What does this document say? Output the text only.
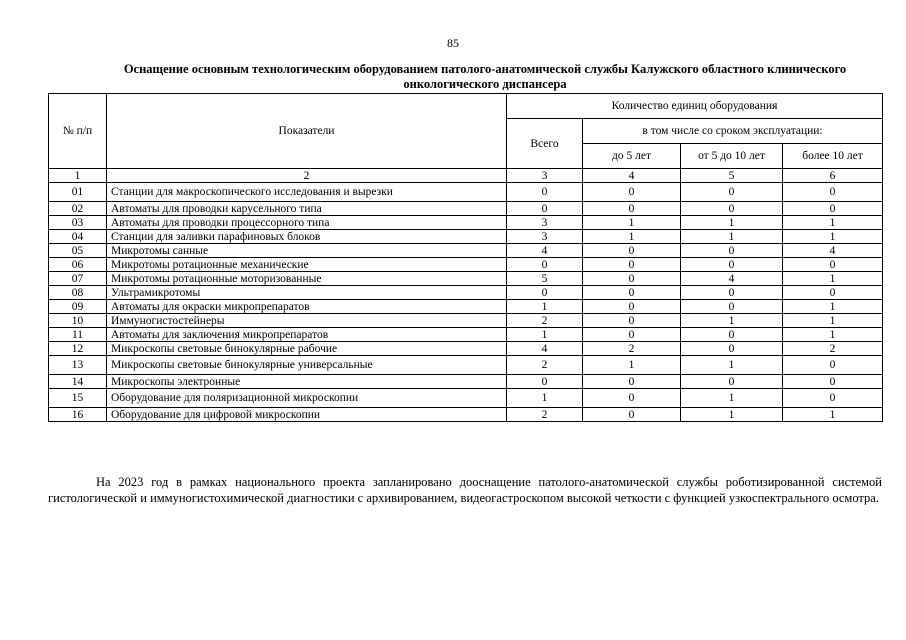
85
Оснащение основным технологическим оборудованием патолого-анатомической службы Калужского областного клинического онкологического диспансера
№ п/п	Показатели	Количество единиц оборудования			
		Всего	в том числе со сроком эксплуатации:		
			до 5 лет	от 5 до 10 лет	более 10 лет
1	2	3	4	5	6
01	Станции для макроскопического исследования и вырезки	0	0	0	0
02	Автоматы для проводки карусельного типа	0	0	0	0
03	Автоматы для проводки процессорного типа	3	1	1	1
04	Станции для заливки парафиновых блоков	3	1	1	1
05	Микротомы санные	4	0	0	4
06	Микротомы ротационные механические	0	0	0	0
07	Микротомы ротационные моторизованные	5	0	4	1
08	Ультрамикротомы	0	0	0	0
09	Автоматы для окраски микропрепаратов	1	0	0	1
10	Иммуногистостейнеры	2	0	1	1
11	Автоматы для заключения микропрепаратов	1	0	0	1
12	Микроскопы световые бинокулярные рабочие	4	2	0	2
13	Микроскопы световые бинокулярные универсальные	2	1	1	0
14	Микроскопы электронные	0	0	0	0
15	Оборудование для поляризационной микроскопии	1	0	1	0
16	Оборудование для цифровой микроскопии	2	0	1	1
На 2023 год в рамках национального проекта запланировано дооснащение патолого-анатомической службы роботизированной системой гистологической и иммуногистохимической диагностики с архивированием, видеогастроскопом высокой четкости с функцией узкоспектрального осмотра.
